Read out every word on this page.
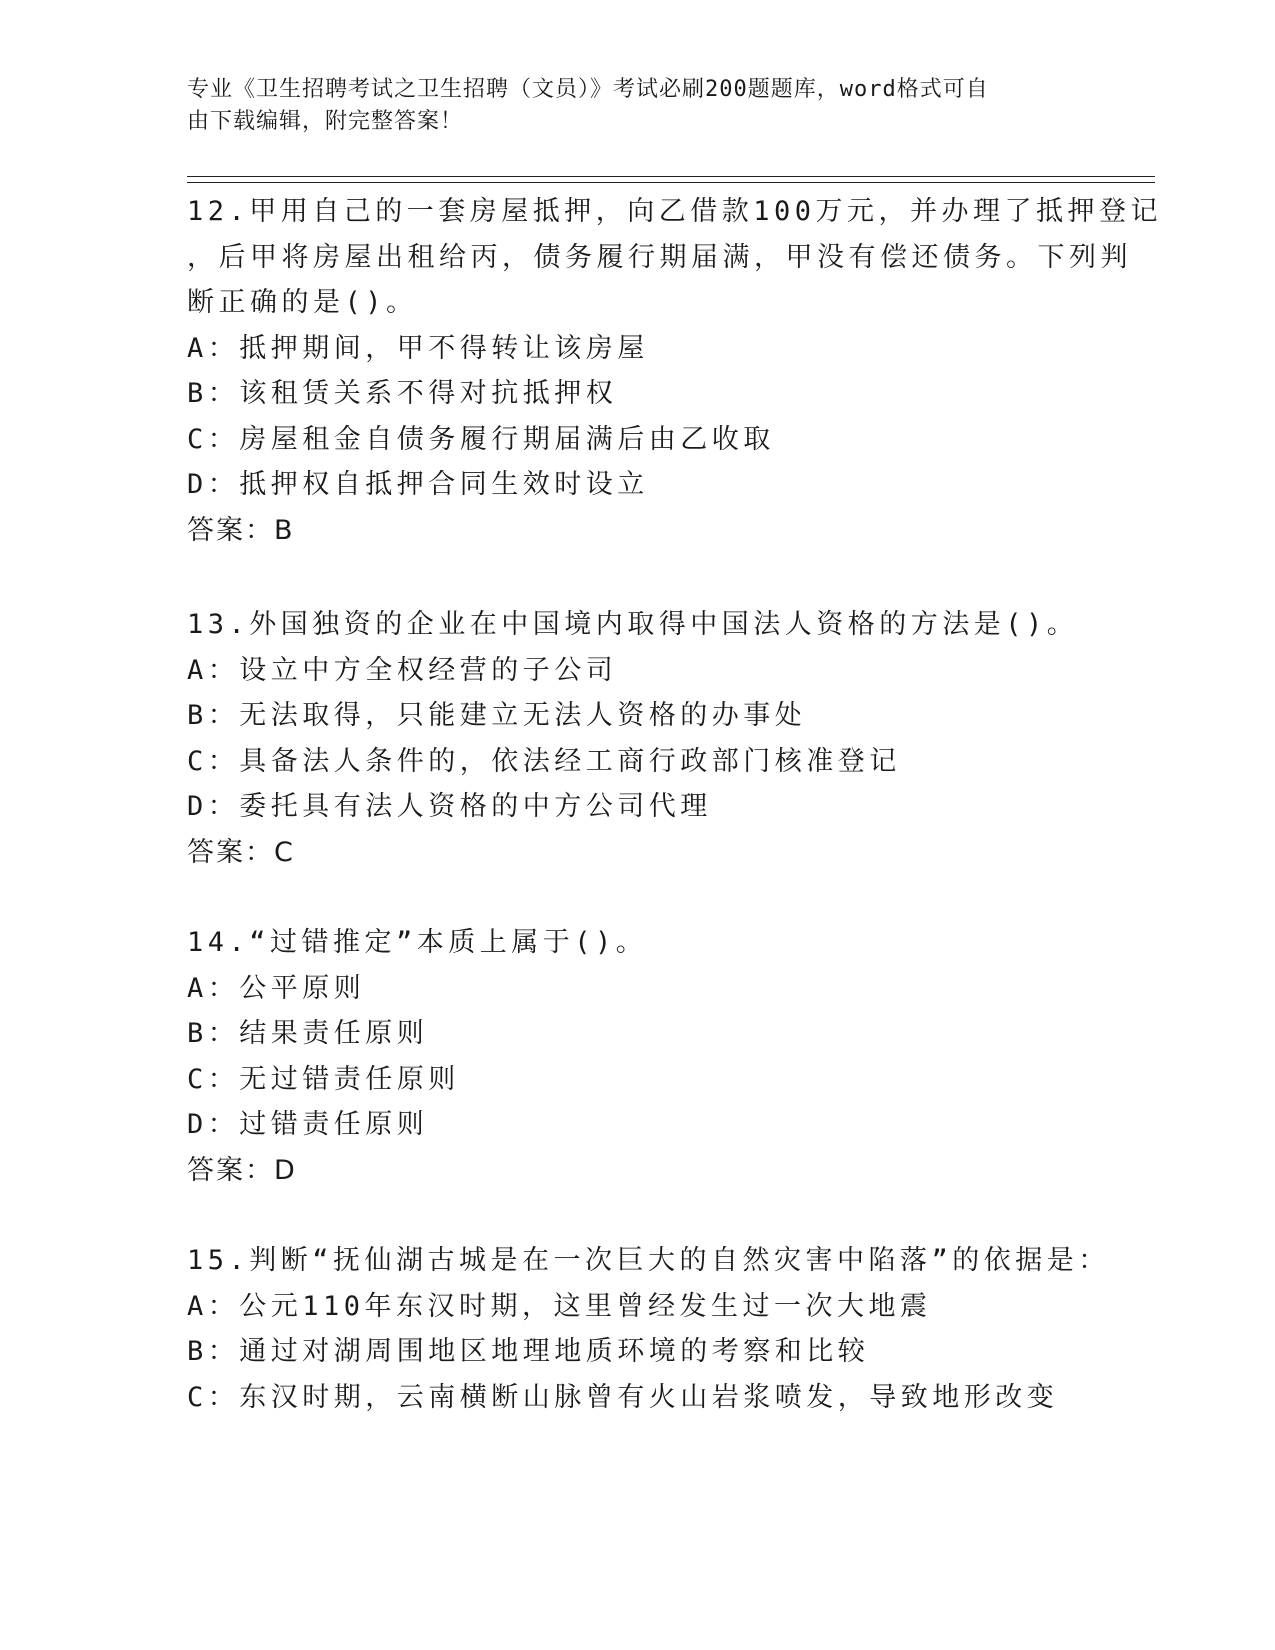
专业《卫生招聘考试之卫生招聘（文员）》考试必刷200题题库，word格式可自
由下载编辑，附完整答案！
12.甲用自己的一套房屋抵押，向乙借款100万元，并办理了抵押登记
，后甲将房屋出租给丙，债务履行期届满，甲没有偿还债务。下列判
断正确的是()。
A：抵押期间，甲不得转让该房屋
B：该租赁关系不得对抗抵押权
C：房屋租金自债务履行期届满后由乙收取
D：抵押权自抵押合同生效时设立
答案：B
13.外国独资的企业在中国境内取得中国法人资格的方法是()。
A：设立中方全权经营的子公司
B：无法取得，只能建立无法人资格的办事处
C：具备法人条件的，依法经工商行政部门核准登记
D：委托具有法人资格的中方公司代理
答案：C
14.“过错推定”本质上属于()。
A：公平原则
B：结果责任原则
C：无过错责任原则
D：过错责任原则
答案：D
15.判断“抚仙湖古城是在一次巨大的自然灾害中陷落”的依据是：
A：公元110年东汉时期，这里曾经发生过一次大地震
B：通过对湖周围地区地理地质环境的考察和比较
C：东汉时期，云南横断山脉曾有火山岩浆喷发，导致地形改变
